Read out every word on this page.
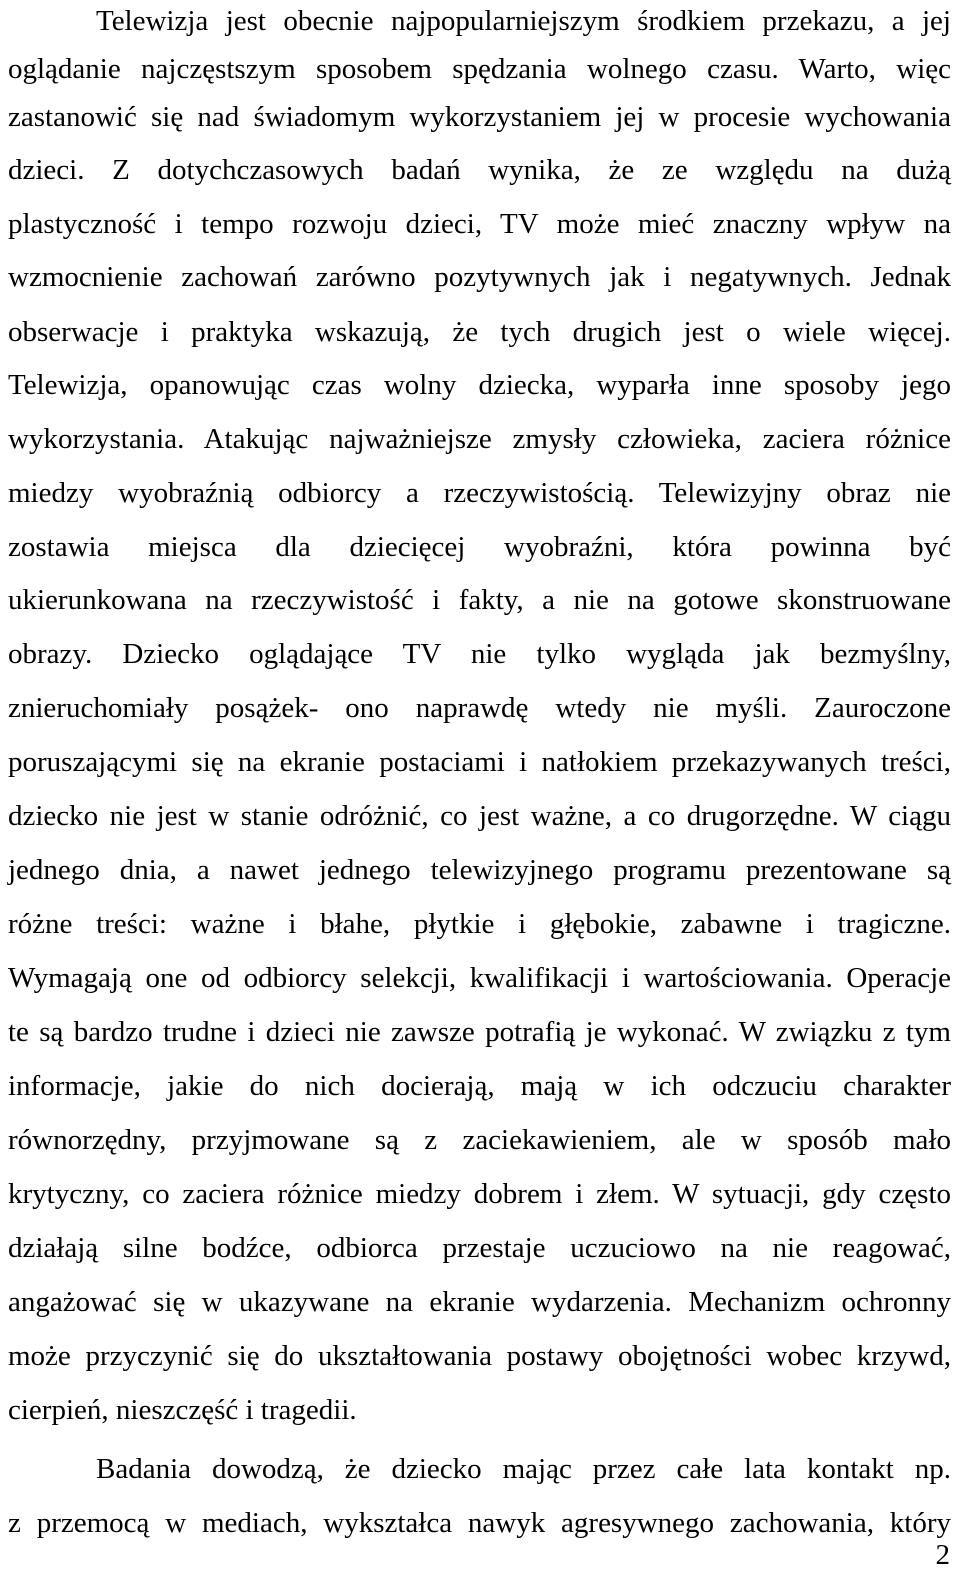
Telewizja jest obecnie najpopularniejszym środkiem przekazu, a jej
oglądanie najczęstszym sposobem spędzania wolnego czasu. Warto, więc
zastanowić się nad świadomym wykorzystaniem jej w procesie wychowania
dzieci. Z dotychczasowych badań wynika, że ze względu na dużą
plastyczność i tempo rozwoju dzieci, TV może mieć znaczny wpływ na
wzmocnienie zachowań zarówno pozytywnych jak i negatywnych. Jednak
obserwacje i praktyka wskazują, że tych drugich jest o wiele więcej.
Telewizja, opanowując czas wolny dziecka, wyparła inne sposoby jego
wykorzystania. Atakując najważniejsze zmysły człowieka, zaciera różnice
miedzy wyobraźnią odbiorcy a rzeczywistością. Telewizyjny obraz nie
zostawia miejsca dla dziecięcej wyobraźni, która powinna być
ukierunkowana na rzeczywistość i fakty, a nie na gotowe skonstruowane
obrazy. Dziecko oglądające TV nie tylko wygląda jak bezmyślny,
znieruchomiały posążek- ono naprawdę wtedy nie myśli. Zauroczone
poruszającymi się na ekranie postaciami i natłokiem przekazywanych treści,
dziecko nie jest w stanie odróżnić, co jest ważne, a co drugorzędne. W ciągu
jednego dnia, a nawet jednego telewizyjnego programu prezentowane są
różne treści: ważne i błahe, płytkie i głębokie, zabawne i tragiczne.
Wymagają one od odbiorcy selekcji, kwalifikacji i wartościowania. Operacje
te są bardzo trudne i dzieci nie zawsze potrafią je wykonać. W związku z tym
informacje, jakie do nich docierają, mają w ich odczuciu charakter
równorzędny, przyjmowane są z zaciekawieniem, ale w sposób mało
krytyczny, co zaciera różnice miedzy dobrem i złem. W sytuacji, gdy często
działają silne bodźce, odbiorca przestaje uczuciowo na nie reagować,
angażować się w ukazywane na ekranie wydarzenia. Mechanizm ochronny
może przyczynić się do ukształtowania postawy obojętności wobec krzywd,
cierpień, nieszczęść i tragedii.
Badania dowodzą, że dziecko mając przez całe lata kontakt np.
z przemocą w mediach, wykształca nawyk agresywnego zachowania, który
2
